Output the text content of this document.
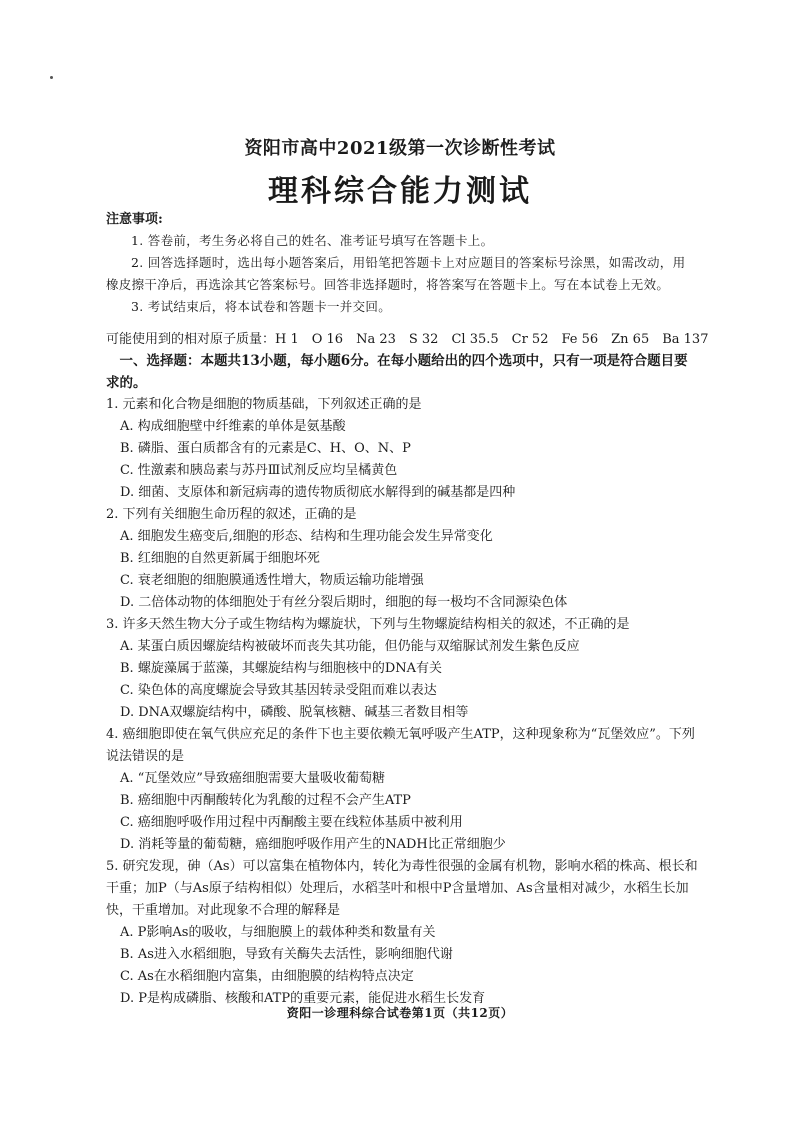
资阳市高中2021级第一次诊断性考试
理科综合能力测试
注意事项:

1. 答卷前，考生务必将自己的姓名、准考证号填写在答题卡上。

2. 回答选择题时，选出每小题答案后，用铅笔把答题卡上对应题目的答案标号涂黑，如需改动，用橡皮擦干净后，再选涂其它答案标号。回答非选择题时，将答案写在答题卡上。写在本试卷上无效。

3. 考试结束后，将本试卷和答题卡一并交回。

可能使用到的相对原子质量：H 1　O 16　Na 23　S 32　Cl 35.5　Cr 52　Fe 56　Zn 65　Ba 137
一、选择题：本题共13小题，每小题6分。在每小题给出的四个选项中，只有一项是符合题目要求的。

1. 元素和化合物是细胞的物质基础，下列叙述正确的是

A. 构成细胞壁中纤维素的单体是氨基酸

B. 磷脂、蛋白质都含有的元素是C、H、O、N、P

C. 性激素和胰岛素与苏丹Ⅲ试剂反应均呈橘黄色

D. 细菌、支原体和新冠病毒的遗传物质彻底水解得到的碱基都是四种

2. 下列有关细胞生命历程的叙述，正确的是

A. 细胞发生癌变后,细胞的形态、结构和生理功能会发生异常变化

B. 红细胞的自然更新属于细胞坏死

C. 衰老细胞的细胞膜通透性增大，物质运输功能增强

D. 二倍体动物的体细胞处于有丝分裂后期时，细胞的每一极均不含同源染色体

3. 许多天然生物大分子或生物结构为螺旋状，下列与生物螺旋结构相关的叙述，不正确的是

A. 某蛋白质因螺旋结构被破坏而丧失其功能，但仍能与双缩脲试剂发生紫色反应

B. 螺旋藻属于蓝藻，其螺旋结构与细胞核中的DNA有关

C. 染色体的高度螺旋会导致其基因转录受阻而难以表达

D. DNA双螺旋结构中，磷酸、脱氧核糖、碱基三者数目相等

4. 癌细胞即使在氧气供应充足的条件下也主要依赖无氧呼吸产生ATP，这种现象称为“瓦堡效应”。下列说法错误的是

A. “瓦堡效应”导致癌细胞需要大量吸收葡萄糖

B. 癌细胞中丙酮酸转化为乳酸的过程不会产生ATP

C. 癌细胞呼吸作用过程中丙酮酸主要在线粒体基质中被利用

D. 消耗等量的葡萄糖，癌细胞呼吸作用产生的NADH比正常细胞少

5. 研究发现，砷（As）可以富集在植物体内，转化为毒性很强的金属有机物，影响水稻的株高、根长和干重；加P（与As原子结构相似）处理后，水稻茎叶和根中P含量增加、As含量相对减少，水稻生长加快，干重增加。对此现象不合理的解释是

A. P影响As的吸收，与细胞膜上的载体种类和数量有关

B. As进入水稻细胞，导致有关酶失去活性，影响细胞代谢

C. As在水稻细胞内富集，由细胞膜的结构特点决定

D. P是构成磷脂、核酸和ATP的重要元素，能促进水稻生长发育

资阳一诊理科综合试卷第1页（共12页）
